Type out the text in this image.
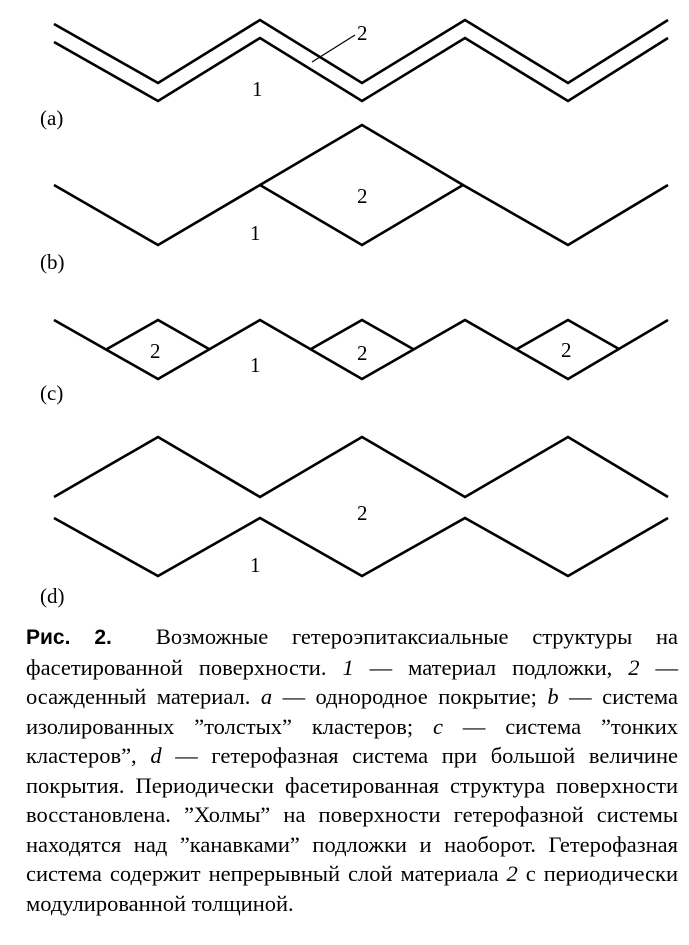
2
1
(a)
2
1
(b)
2	2	2
1
(c)
2
1
(d)

Рис. 2. Возможные гетероэпитаксиальные структуры на фасетированной поверхности. 1 — материал подложки, 2 — осажденный материал. a — однородное покрытие; b — система изолированных ”толстых” кластеров; c — система ”тонких кластеров”, d — гетерофазная система при большой величине покрытия. Периодически фасетированная структура поверхности восстановлена. ”Холмы” на поверхности гетерофазной системы находятся над ”канавками” подложки и наоборот. Гетерофазная система содержит непрерывный слой материала 2 с периодически модулированной толщиной.
